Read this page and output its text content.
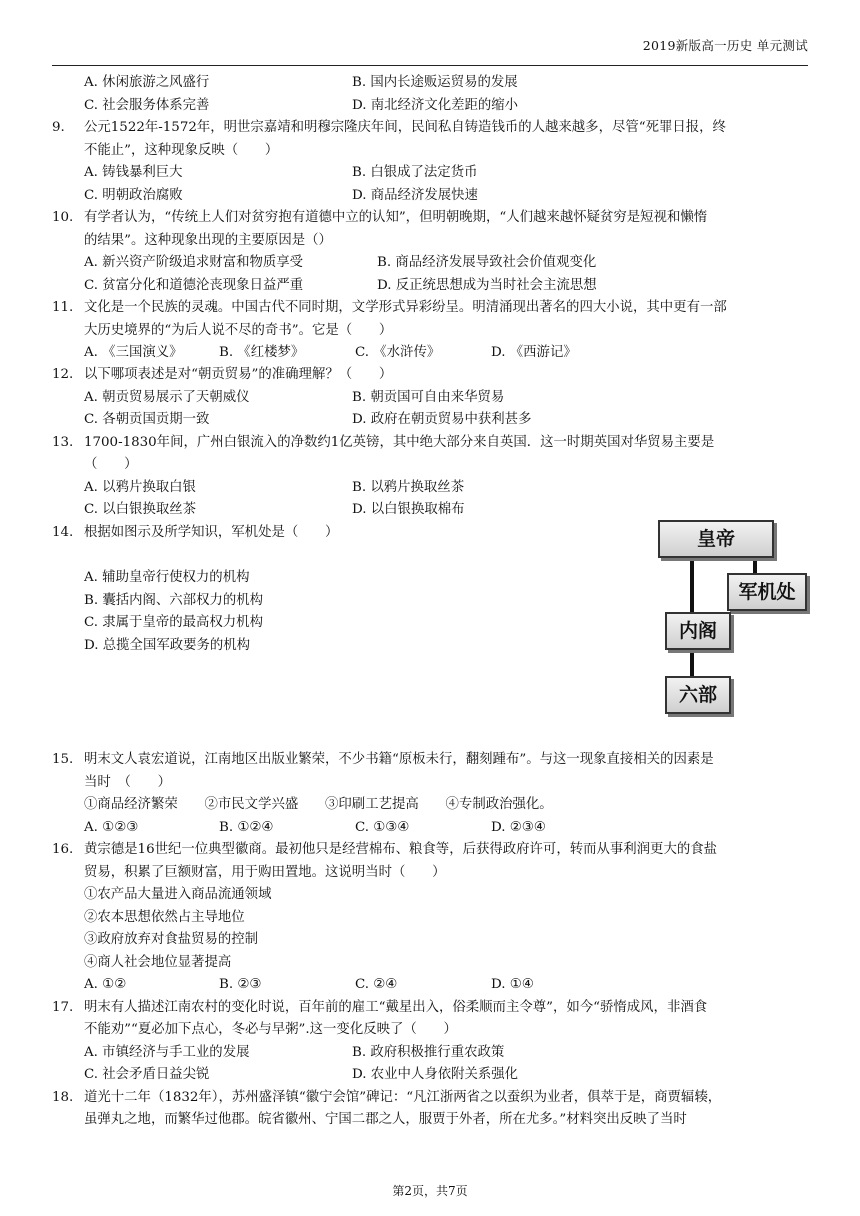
2019新版高一历史 单元测试
A. 休闲旅游之风盛行	B. 国内长途贩运贸易的发展
C. 社会服务体系完善	D. 南北经济文化差距的缩小
9. 公元1522年-1572年，明世宗嘉靖和明穆宗隆庆年间，民间私自铸造钱币的人越来越多，尽管“死罪日报，终
不能止”，这种现象反映（　　）
A. 铸钱暴利巨大	B. 白银成了法定货币
C. 明朝政治腐败	D. 商品经济发展快速
10. 有学者认为，“传统上人们对贫穷抱有道德中立的认知”，但明朝晚期，“人们越来越怀疑贫穷是短视和懒惰
的结果”。这种现象出现的主要原因是（）
A. 新兴资产阶级追求财富和物质享受	B. 商品经济发展导致社会价值观变化
C. 贫富分化和道德沦丧现象日益严重	D. 反正统思想成为当时社会主流思想
11. 文化是一个民族的灵魂。中国古代不同时期，文学形式异彩纷呈。明清涌现出著名的四大小说，其中更有一部
大历史境界的“为后人说不尽的奇书”。它是（　　）
A. 《三国演义》	B. 《红楼梦》	C. 《水浒传》	D. 《西游记》
12. 以下哪项表述是对“朝贡贸易”的准确理解？（　　）
A. 朝贡贸易展示了天朝威仪	B. 朝贡国可自由来华贸易
C. 各朝贡国贡期一致	D. 政府在朝贡贸易中获利甚多
13. 1700-1830年间，广州白银流入的净数约1亿英镑，其中绝大部分来自英国．这一时期英国对华贸易主要是
（　　）
A. 以鸦片换取白银	B. 以鸦片换取丝茶
C. 以白银换取丝茶	D. 以白银换取棉布
14. 根据如图示及所学知识，军机处是（　　）
A. 辅助皇帝行使权力的机构
B. 囊括内阁、六部权力的机构
C. 隶属于皇帝的最高权力机构
D. 总揽全国军政要务的机构
皇帝
军机处
内阁
六部
15. 明末文人袁宏道说，江南地区出版业繁荣，不少书籍“原板未行，翻刻踵布”。与这一现象直接相关的因素是
当时　（　　）
①商品经济繁荣　　②市民文学兴盛　　③印刷工艺提高　　④专制政治强化。
A. ①②③	B. ①②④	C. ①③④	D. ②③④
16. 黄宗德是16世纪一位典型徽商。最初他只是经营棉布、粮食等，后获得政府许可，转而从事利润更大的食盐
贸易，积累了巨额财富，用于购田置地。这说明当时（　　）
①农产品大量进入商品流通领域
②农本思想依然占主导地位
③政府放弃对食盐贸易的控制
④商人社会地位显著提高
A. ①②	B. ②③	C. ②④	D. ①④
17. 明末有人描述江南农村的变化时说，百年前的雇工“戴星出入，俗柔顺而主令尊”，如今“骄惰成风，非酒食
不能劝”“夏必加下点心，冬必与早粥”.这一变化反映了（　　）
A. 市镇经济与手工业的发展	B. 政府积极推行重农政策
C. 社会矛盾日益尖锐	D. 农业中人身依附关系强化
18. 道光十二年（1832年），苏州盛泽镇“徽宁会馆”碑记：“凡江浙两省之以蚕织为业者，俱萃于是，商贾辐辏，
虽弹丸之地，而繁华过他郡。皖省徽州、宁国二郡之人，服贾于外者，所在尤多。”材料突出反映了当时
第2页，共7页
